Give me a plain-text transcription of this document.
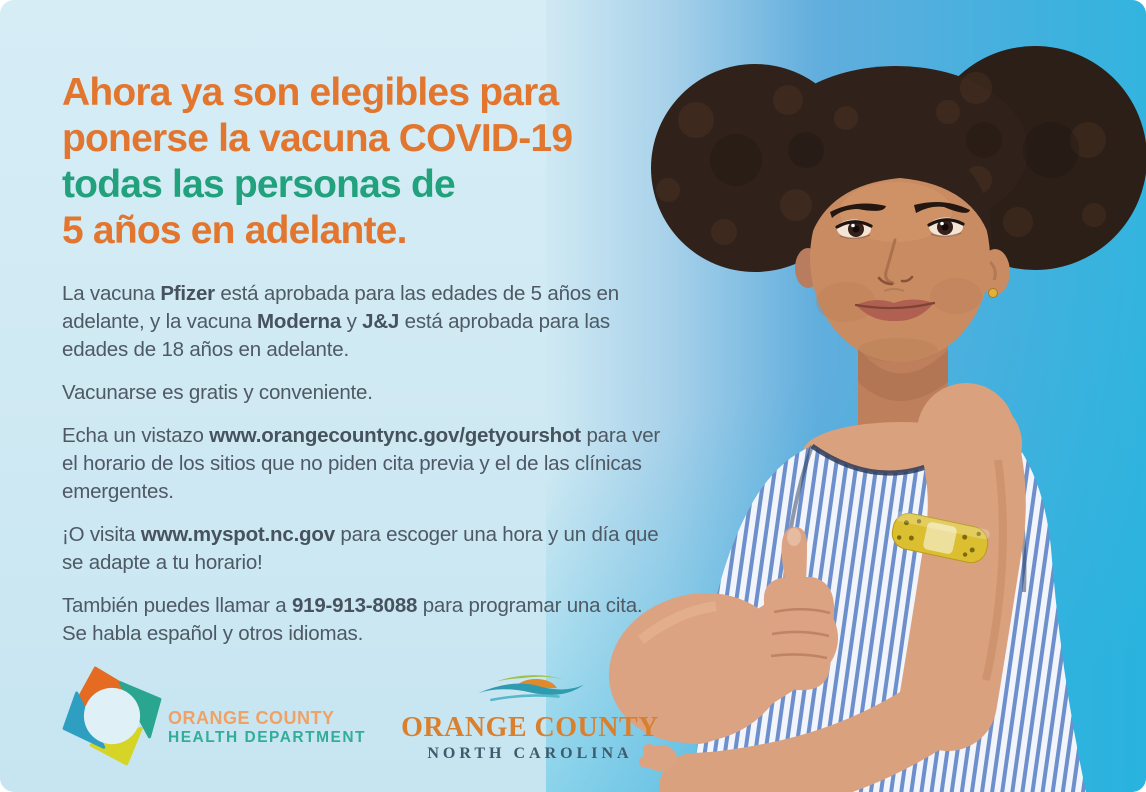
Ahora ya son elegibles para
ponerse la vacuna COVID-19
todas las personas de
5 años en adelante.

La vacuna Pfizer está aprobada para las edades de 5 años en adelante, y la vacuna Moderna y J&J está aprobada para las edades de 18 años en adelante.

Vacunarse es gratis y conveniente.

Echa un vistazo www.orangecountync.gov/getyourshot para ver el horario de los sitios que no piden cita previa y el de las clínicas emergentes.

¡O visita www.myspot.nc.gov para escoger una hora y un día que se adapte a tu horario!

También puedes llamar a 919-913-8088 para programar una cita. Se habla español y otros idiomas.

ORANGE COUNTY
HEALTH DEPARTMENT ORANGE COUNTY
NORTH CAROLINA
